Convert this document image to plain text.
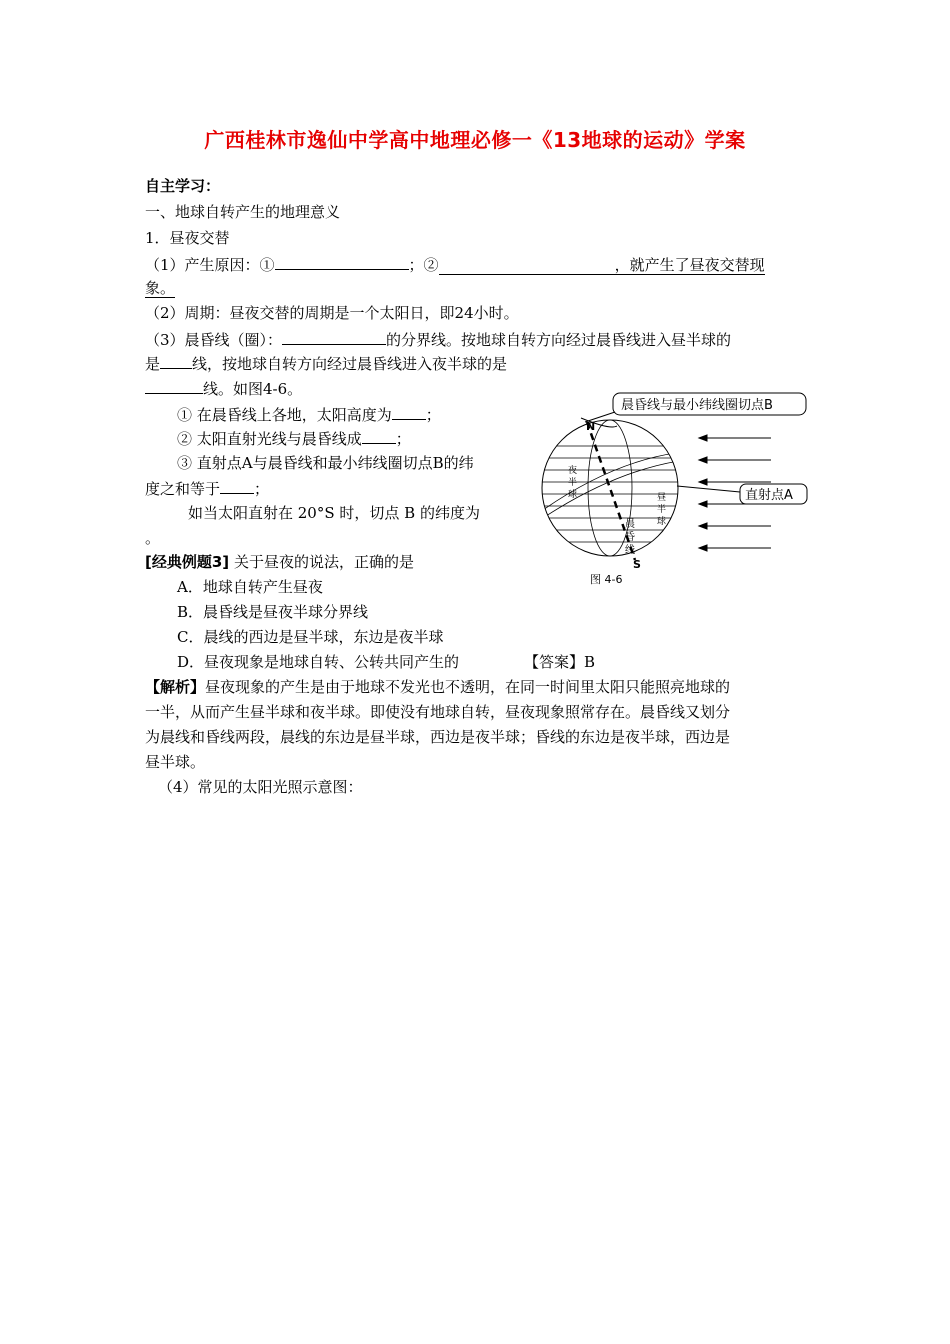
广西桂林市逸仙中学高中地理必修一《13地球的运动》学案
自主学习：
一、地球自转产生的地理意义
1．昼夜交替
（1）产生原因：①	；②	，就产生了昼夜交替现
象。
（2）周期：昼夜交替的周期是一个太阳日，即24小时。
（3）晨昏线（圈）：	的分界线。按地球自转方向经过晨昏线进入昼半球的
是 线，按地球自转方向经过晨昏线进入夜半球的是
线。如图4-6。
① 在晨昏线上各地，太阳高度为 ；
② 太阳直射光线与晨昏线成 ；
③ 直射点A与晨昏线和最小纬线圈切点B的纬
度之和等于 ；
如当太阳直射在 20°S 时，切点 B 的纬度为
。
[经典例题3] 关于昼夜的说法，正确的是
A．地球自转产生昼夜
B．晨昏线是昼夜半球分界线
C．晨线的西边是昼半球，东边是夜半球
D．昼夜现象是地球自转、公转共同产生的	【答案】B
【解析】昼夜现象的产生是由于地球不发光也不透明，在同一时间里太阳只能照亮地球的
一半，从而产生昼半球和夜半球。即使没有地球自转，昼夜现象照常存在。晨昏线又划分
为晨线和昏线两段，晨线的东边是昼半球，西边是夜半球；昏线的东边是夜半球，西边是
昼半球。
（4）常见的太阳光照示意图：
N
S
夜
半
球	昼
半
球
晨
昏
线
晨昏线与最小纬线圈切点B
直射点A
图 4-6
